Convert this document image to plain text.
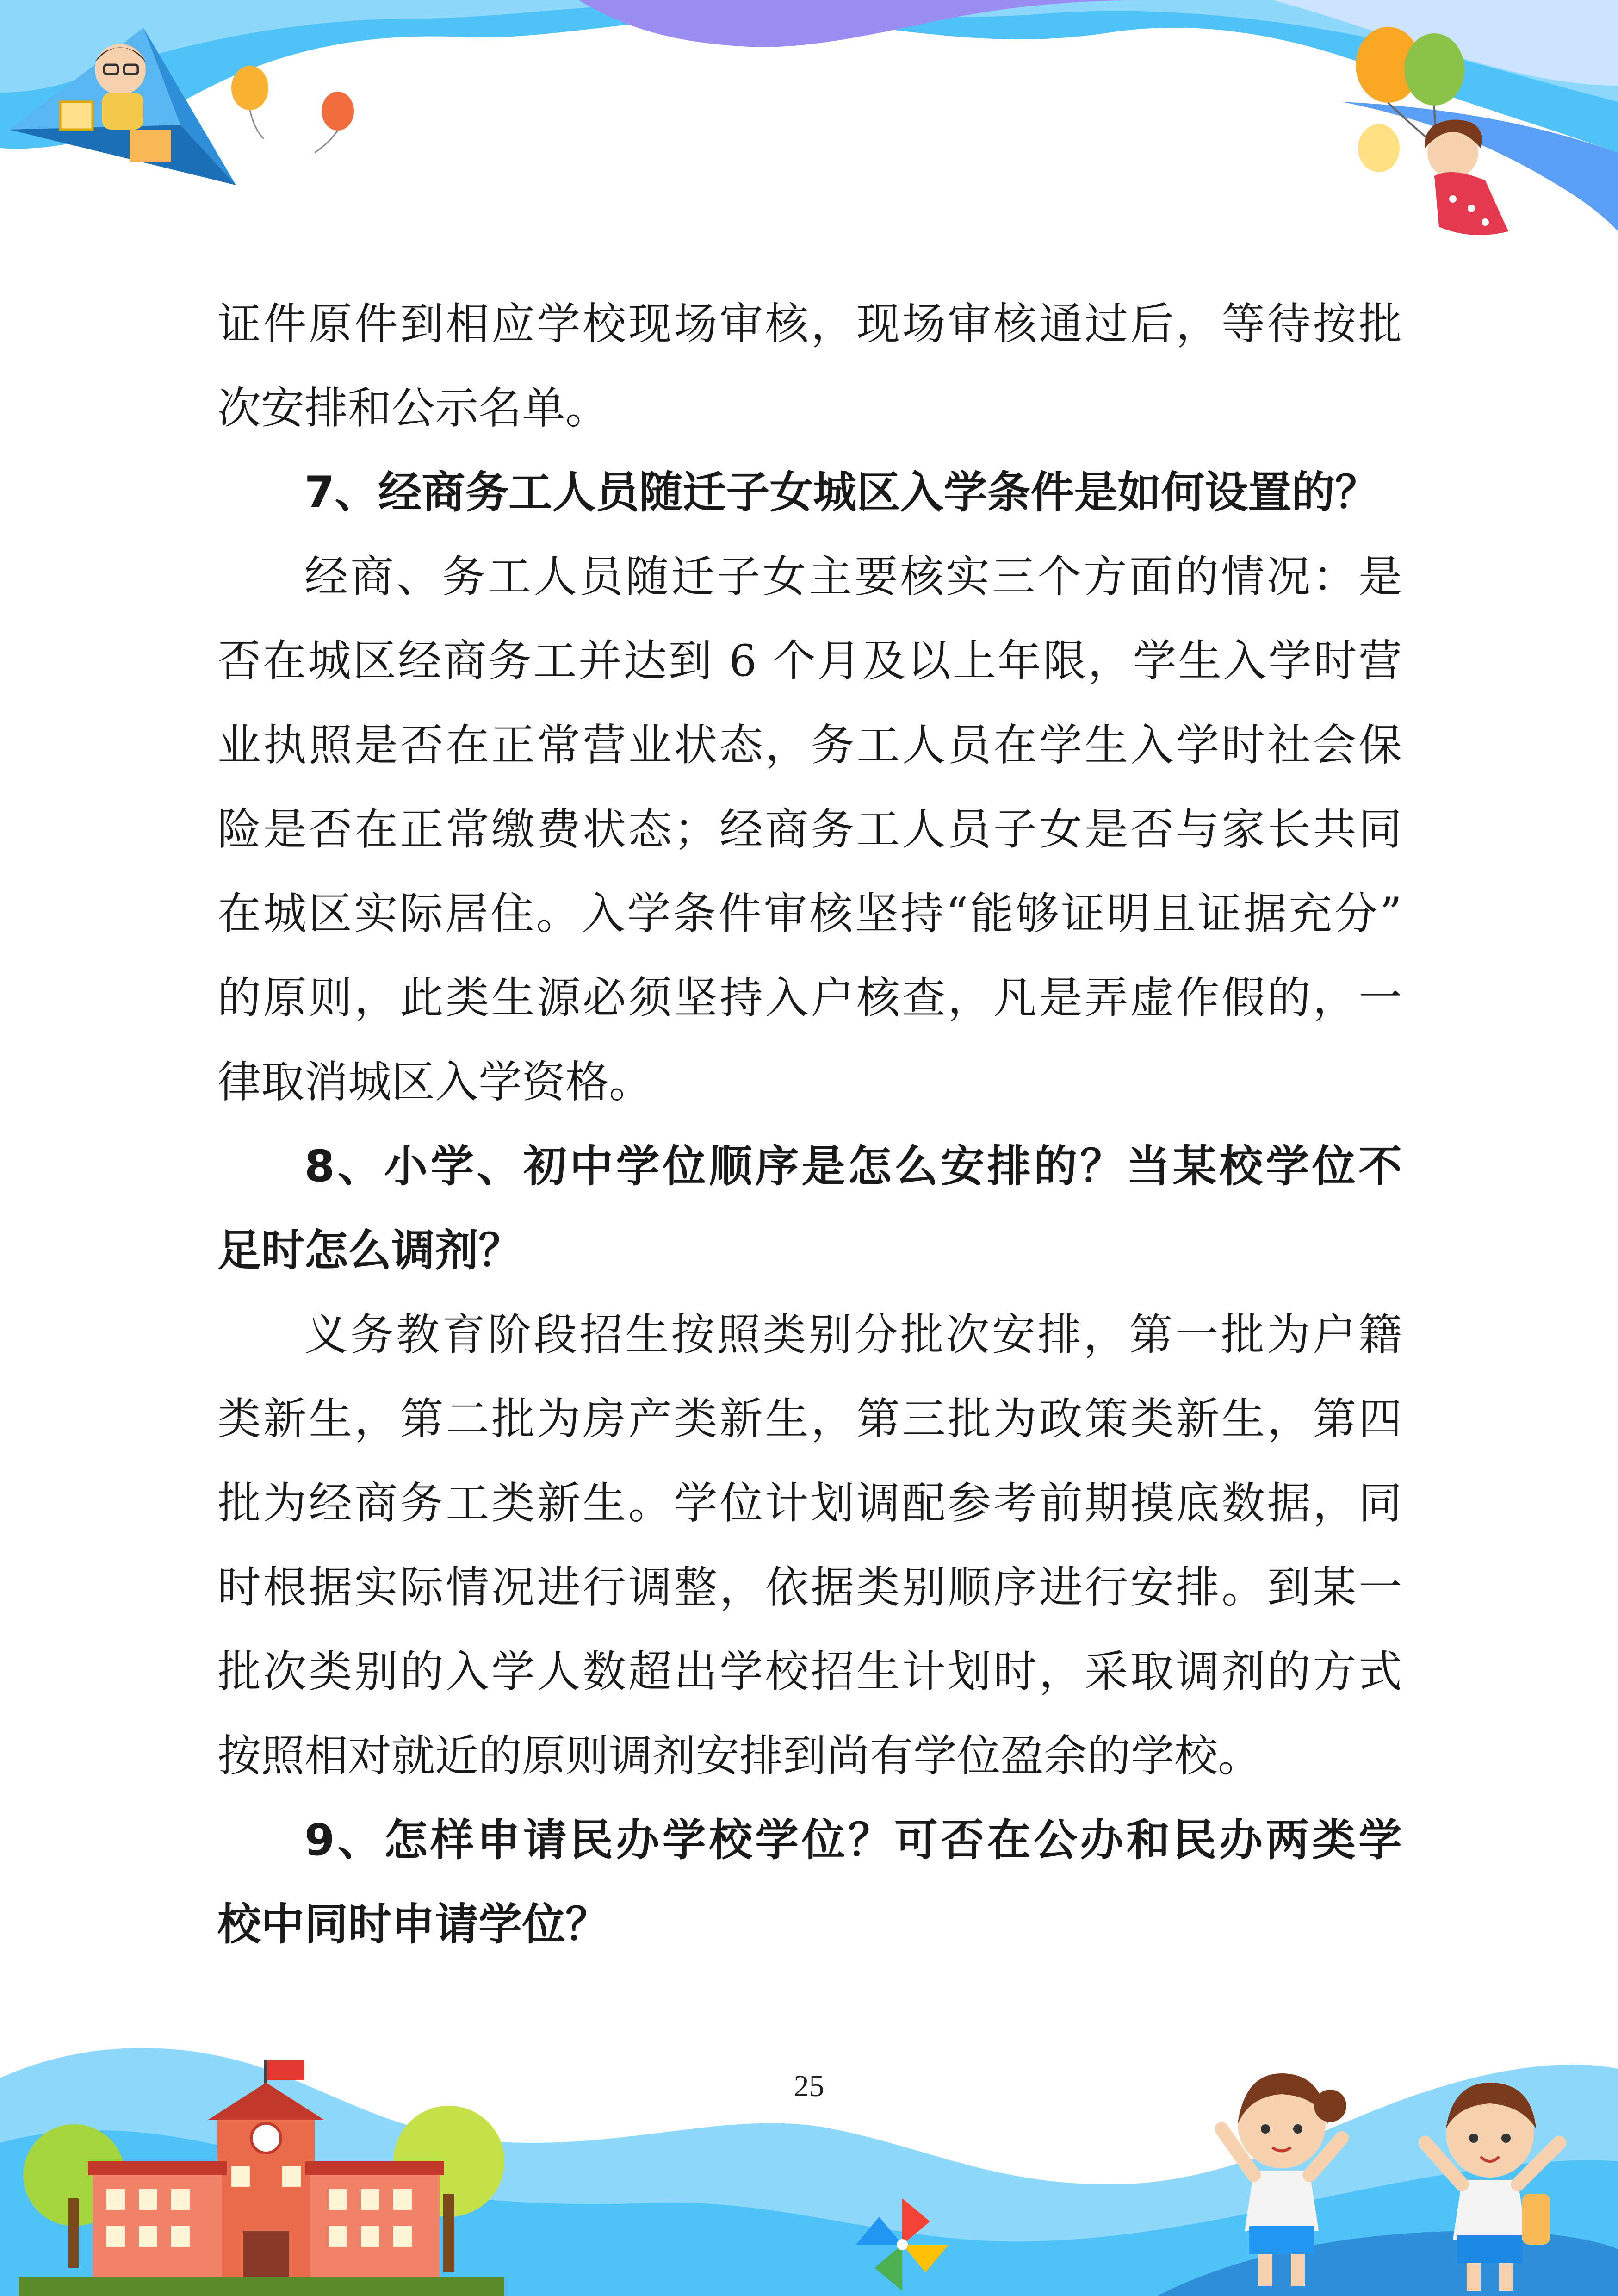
证件原件到相应学校现场审核，现场审核通过后，等待按批
次安排和公示名单。
7、经商务工人员随迁子女城区入学条件是如何设置的？
经商、务工人员随迁子女主要核实三个方面的情况：是
否在城区经商务工并达到 6 个月及以上年限，学生入学时营
业执照是否在正常营业状态，务工人员在学生入学时社会保
险是否在正常缴费状态；经商务工人员子女是否与家长共同
在城区实际居住。入学条件审核坚持“能够证明且证据充分”
的原则，此类生源必须坚持入户核查，凡是弄虚作假的，一
律取消城区入学资格。
8、小学、初中学位顺序是怎么安排的？当某校学位不
足时怎么调剂？
义务教育阶段招生按照类别分批次安排，第一批为户籍
类新生，第二批为房产类新生，第三批为政策类新生，第四
批为经商务工类新生。学位计划调配参考前期摸底数据，同
时根据实际情况进行调整，依据类别顺序进行安排。到某一
批次类别的入学人数超出学校招生计划时，采取调剂的方式
按照相对就近的原则调剂安排到尚有学位盈余的学校。
9、怎样申请民办学校学位？可否在公办和民办两类学
校中同时申请学位？
25
